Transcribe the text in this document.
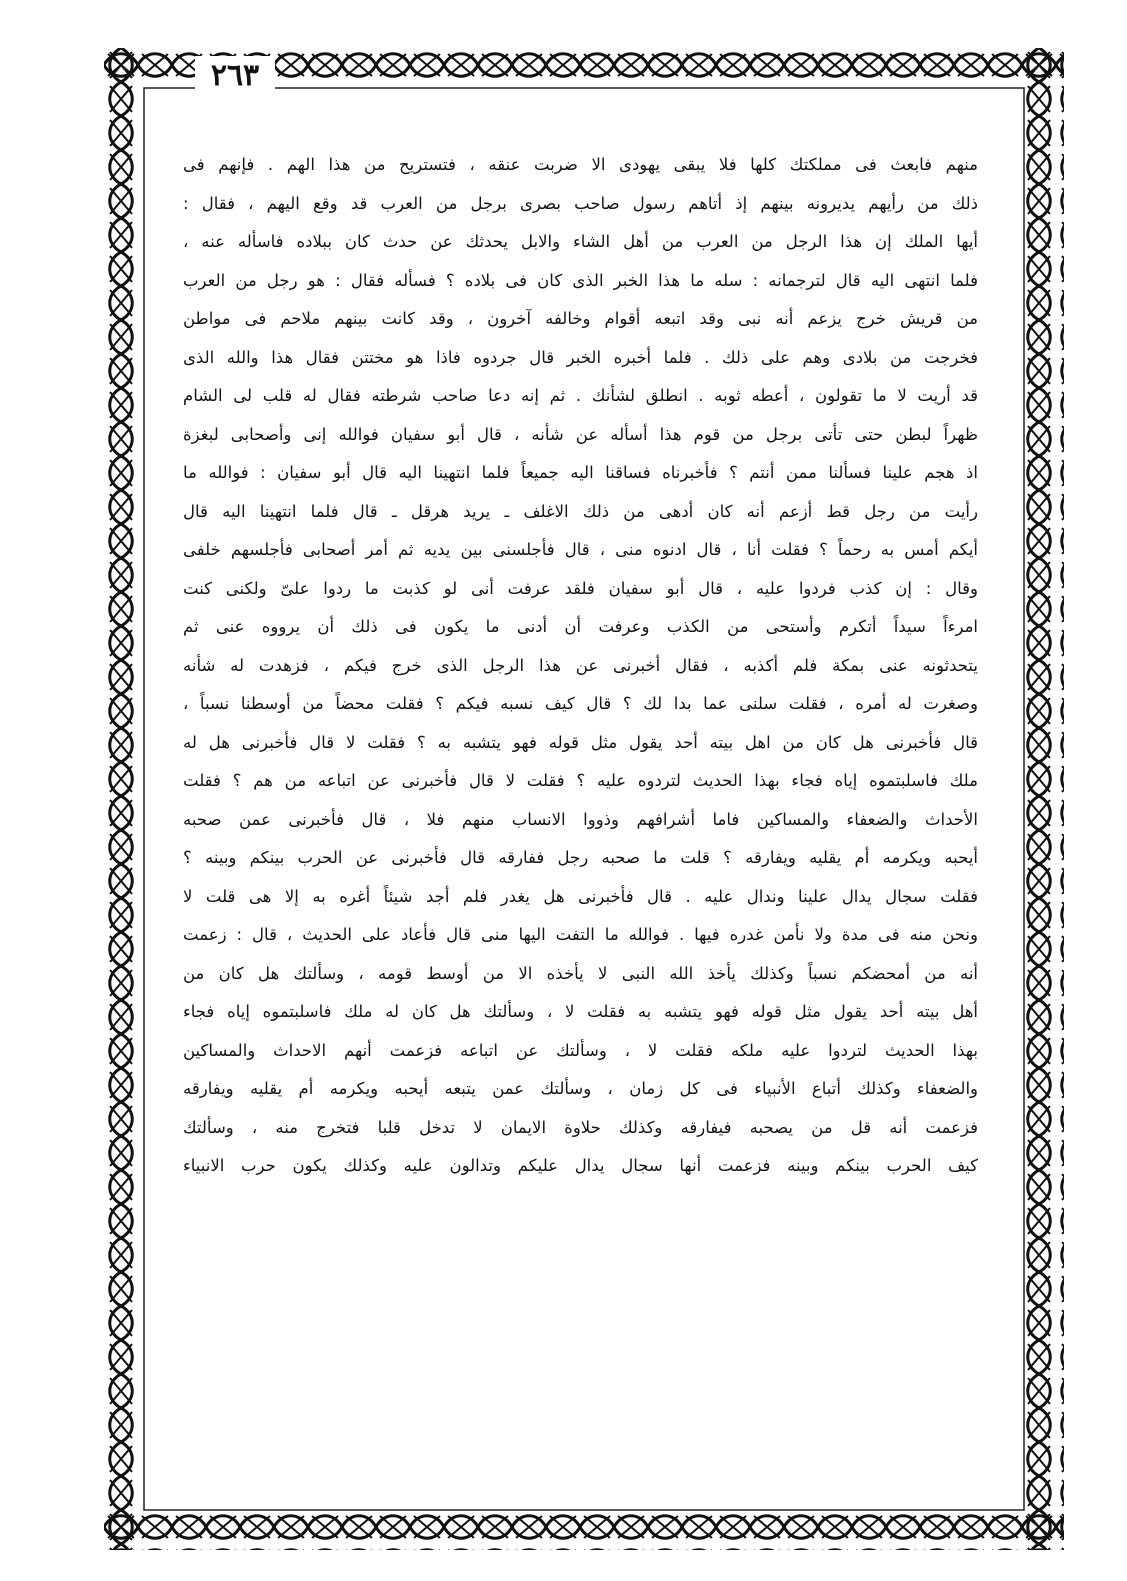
٢٦٣
منهم فابعث فى مملكتك كلها فلا يبقى يهودى الا ضربت عنقه ، فتستريح من هذا الهم . فإنهم فى
ذلك من رأيهم يديرونه بينهم إذ أتاهم رسول صاحب بصرى برجل من العرب قد وقع اليهم ، فقال :
أيها الملك إن هذا الرجل من العرب من أهل الشاء والابل يحدثك عن حدث كان ببلاده فاسأله عنه ،
فلما انتهى اليه قال لترجمانه : سله ما هذا الخبر الذى كان فى بلاده ؟ فسأله فقال : هو رجل من العرب
من قريش خرج يزعم أنه نبى وقد اتبعه أقوام وخالفه آخرون ، وقد كانت بينهم ملاحم فى مواطن
فخرجت من بلادى وهم على ذلك . فلما أخبره الخبر قال جردوه فاذا هو مختتن فقال هذا والله الذى
قد أريت لا ما تقولون ، أعطه ثوبه . انطلق لشأنك . ثم إنه دعا صاحب شرطته فقال له قلب لى الشام
ظهراً لبطن حتى تأتى برجل من قوم هذا أسأله عن شأنه ، قال أبو سفيان فوالله إنى وأصحابى لبغزة
اذ هجم علينا فسألنا ممن أنتم ؟ فأخبرناه فساقنا اليه جميعاً فلما انتهينا اليه قال أبو سفيان : فوالله ما
رأيت من رجل قط أزعم أنه كان أدهى من ذلك الاغلف ـ يريد هرقل ـ قال فلما انتهينا اليه قال
أيكم أمس به رحماً ؟ فقلت أنا ، قال ادنوه منى ، قال فأجلسنى بين يديه ثم أمر أصحابى فأجلسهم خلفى
وقال : إن كذب فردوا عليه ، قال أبو سفيان فلقد عرفت أنى لو كذبت ما ردوا علىّ ولكنى كنت
امرءاً سيداً أتكرم وأستحى من الكذب وعرفت أن أدنى ما يكون فى ذلك أن يرووه عنى ثم
يتحدثونه عنى بمكة فلم أكذبه ، فقال أخبرنى عن هذا الرجل الذى خرج فيكم ، فزهدت له شأنه
وصغرت له أمره ، فقلت سلنى عما بدا لك ؟ قال كيف نسبه فيكم ؟ فقلت محضاً من أوسطنا نسباً ،
قال فأخبرنى هل كان من اهل بيته أحد يقول مثل قوله فهو يتشبه به ؟ فقلت لا قال فأخبرنى هل له
ملك فاسلبتموه إياه فجاء بهذا الحديث لتردوه عليه ؟ فقلت لا قال فأخبرنى عن اتباعه من هم ؟ فقلت
الأحداث والضعفاء والمساكين فاما أشرافهم وذووا الانساب منهم فلا ، قال فأخبرنى عمن صحبه
أيحبه ويكرمه أم يقليه ويفارقه ؟ قلت ما صحبه رجل ففارقه قال فأخبرنى عن الحرب بينكم وبينه ؟
فقلت سجال يدال علينا وندال عليه . قال فأخبرنى هل يغدر فلم أجد شيئاً أغره به إلا هى قلت لا
ونحن منه فى مدة ولا نأمن غدره فيها . فوالله ما التفت اليها منى قال فأعاد على الحديث ، قال : زعمت
أنه من أمحضكم نسباً وكذلك يأخذ الله النبى لا يأخذه الا من أوسط قومه ، وسألتك هل كان من
أهل بيته أحد يقول مثل قوله فهو يتشبه به فقلت لا ، وسألتك هل كان له ملك فاسلبتموه إياه فجاء
بهذا الحديث لتردوا عليه ملكه فقلت لا ، وسألتك عن اتباعه فزعمت أنهم الاحداث والمساكين
والضعفاء وكذلك أتباع الأنبياء فى كل زمان ، وسألتك عمن يتبعه أيحبه ويكرمه أم يقليه ويفارقه
فزعمت أنه قل من يصحبه فيفارقه وكذلك حلاوة الايمان لا تدخل قلبا فتخرج منه ، وسألتك
كيف الحرب بينكم وبينه فزعمت أنها سجال يدال عليكم وتدالون عليه وكذلك يكون حرب الانبياء
